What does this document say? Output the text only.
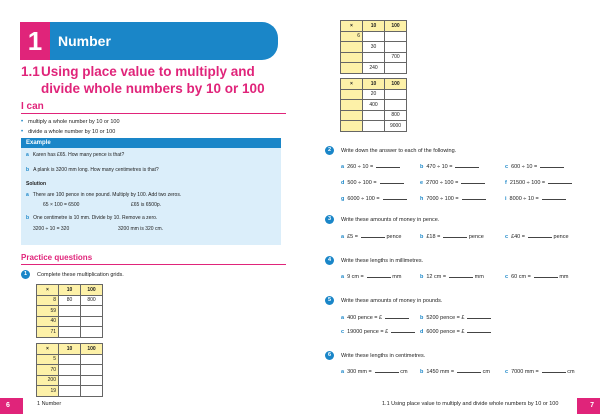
1	Number
1.1Using place value to multiply and
divide whole numbers by 10 or 100
I can
• multiply a whole number by 10 or 100
• divide a whole number by 10 or 100
Example
a Karen has £65. How many pence is that?
b A plank is 3200 mm long. How many centimetres is that?
Solution
a There are 100 pence in one pound. Multiply by 100. Add two zeros.
65 × 100 = 6500	£65 is 6500p.
b One centimetre is 10 mm. Divide by 10. Remove a zero.
3200 ÷ 10 = 320	3200 mm is 320 cm.
Practice questions
1	Complete these multiplication grids.
×	10	100
8	80	800
59		
40		
71		
×	10	100
5		
70		
200		
19		
6	1 Number
×	10	100
6		
	30	
		700
	240	
×	10	100
	20	
	400	
		800
		9000
2	Write down the answer to each of the following.
a 260 ÷ 10 =	b 470 ÷ 10 =	c 600 ÷ 10 =
d 500 ÷ 100 =	e 2700 ÷ 100 =	f 21500 ÷ 100 =
g 6000 ÷ 100 =	h 7000 ÷ 100 =	i 8000 ÷ 10 =
3	Write these amounts of money in pence.
a £5 =	pence	b £18 =	pence	c £40 =	pence
4	Write these lengths in millimetres.
a 9 cm =	mm	b 12 cm =	mm	c 60 cm =	mm
5	Write these amounts of money in pounds.
a 400 pence = £	b 5200 pence = £
c 19000 pence = £	d 6000 pence = £
6	Write these lengths in centimetres.
a 300 mm =	cm b 1450 mm =	cm	c 7000 mm =	cm
1.1 Using place value to multiply and divide whole numbers by 10 or 100	7
